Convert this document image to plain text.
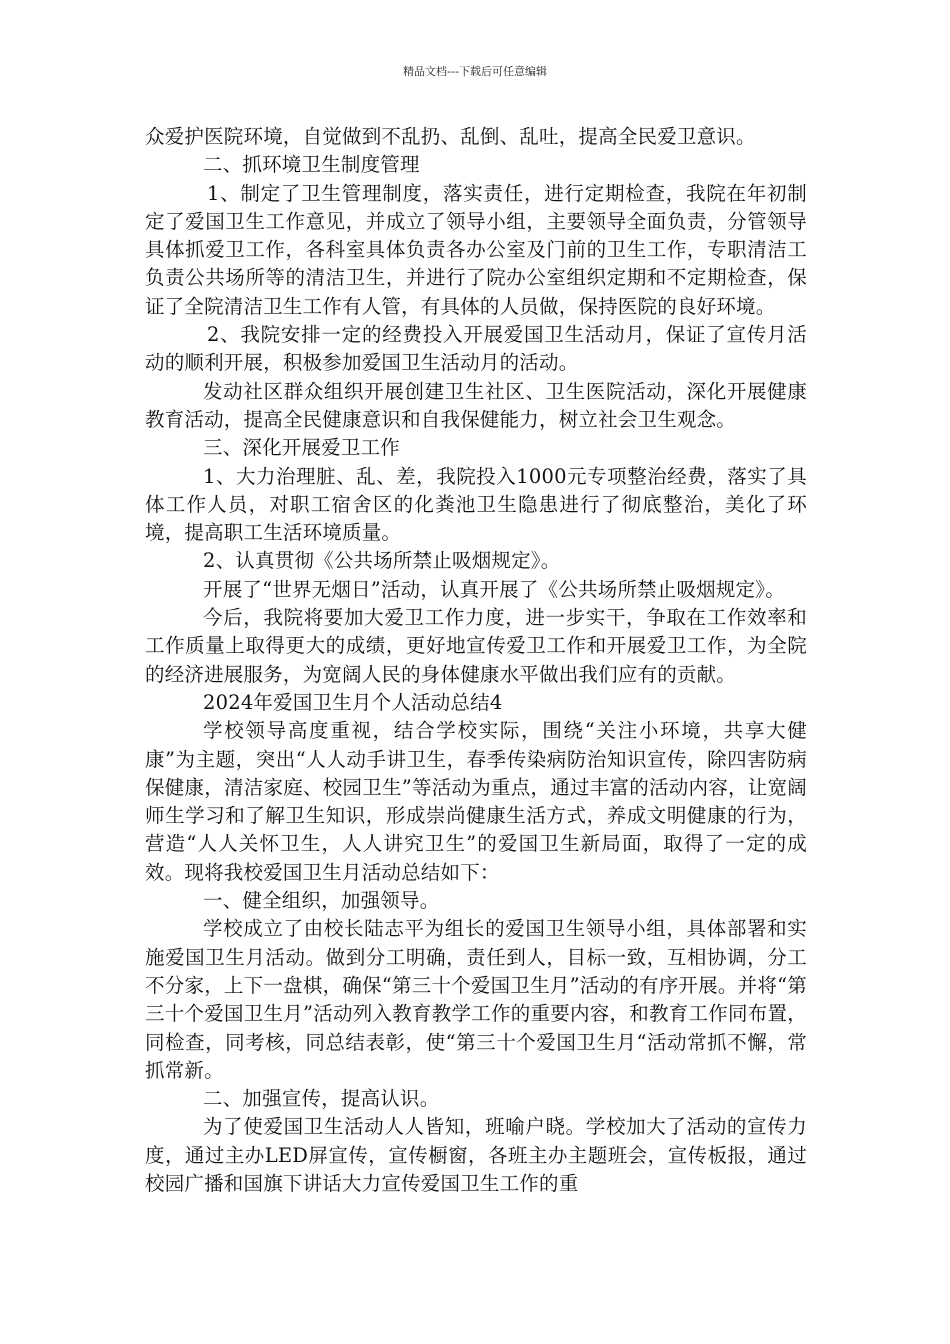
精品文档---下载后可任意编辑

众爱护医院环境，自觉做到不乱扔、乱倒、乱吐，提高全民爱卫意识。

二、抓环境卫生制度管理

1、制定了卫生管理制度，落实责任，进行定期检查，我院在年初制定了爱国卫生工作意见，并成立了领导小组，主要领导全面负责，分管领导具体抓爱卫工作，各科室具体负责各办公室及门前的卫生工作，专职清洁工负责公共场所等的清洁卫生，并进行了院办公室组织定期和不定期检查，保证了全院清洁卫生工作有人管，有具体的人员做，保持医院的良好环境。

2、我院安排一定的经费投入开展爱国卫生活动月，保证了宣传月活动的顺利开展，积极参加爱国卫生活动月的活动。

发动社区群众组织开展创建卫生社区、卫生医院活动，深化开展健康教育活动，提高全民健康意识和自我保健能力，树立社会卫生观念。

三、深化开展爱卫工作

1、大力治理脏、乱、差，我院投入1000元专项整治经费，落实了具体工作人员，对职工宿舍区的化粪池卫生隐患进行了彻底整治，美化了环境，提高职工生活环境质量。

2、认真贯彻《公共场所禁止吸烟规定》。

开展了“世界无烟日”活动，认真开展了《公共场所禁止吸烟规定》。

今后，我院将要加大爱卫工作力度，进一步实干，争取在工作效率和工作质量上取得更大的成绩，更好地宣传爱卫工作和开展爱卫工作，为全院的经济进展服务，为宽阔人民的身体健康水平做出我们应有的贡献。

2024年爱国卫生月个人活动总结4

学校领导高度重视，结合学校实际，围绕“关注小环境，共享大健康”为主题，突出“人人动手讲卫生，春季传染病防治知识宣传，除四害防病保健康，清洁家庭、校园卫生”等活动为重点，通过丰富的活动内容，让宽阔师生学习和了解卫生知识，形成崇尚健康生活方式，养成文明健康的行为，营造“人人关怀卫生，人人讲究卫生”的爱国卫生新局面，取得了一定的成效。现将我校爱国卫生月活动总结如下：

一、健全组织，加强领导。

学校成立了由校长陆志平为组长的爱国卫生领导小组，具体部署和实施爱国卫生月活动。做到分工明确，责任到人，目标一致，互相协调，分工不分家，上下一盘棋，确保“第三十个爱国卫生月”活动的有序开展。并将“第三十个爱国卫生月”活动列入教育教学工作的重要内容，和教育工作同布置，同检查，同考核，同总结表彰，使“第三十个爱国卫生月“活动常抓不懈，常抓常新。

二、加强宣传，提高认识。

为了使爱国卫生活动人人皆知，班喻户晓。学校加大了活动的宣传力度，通过主办LED屏宣传，宣传橱窗，各班主办主题班会，宣传板报，通过校园广播和国旗下讲话大力宣传爱国卫生工作的重
